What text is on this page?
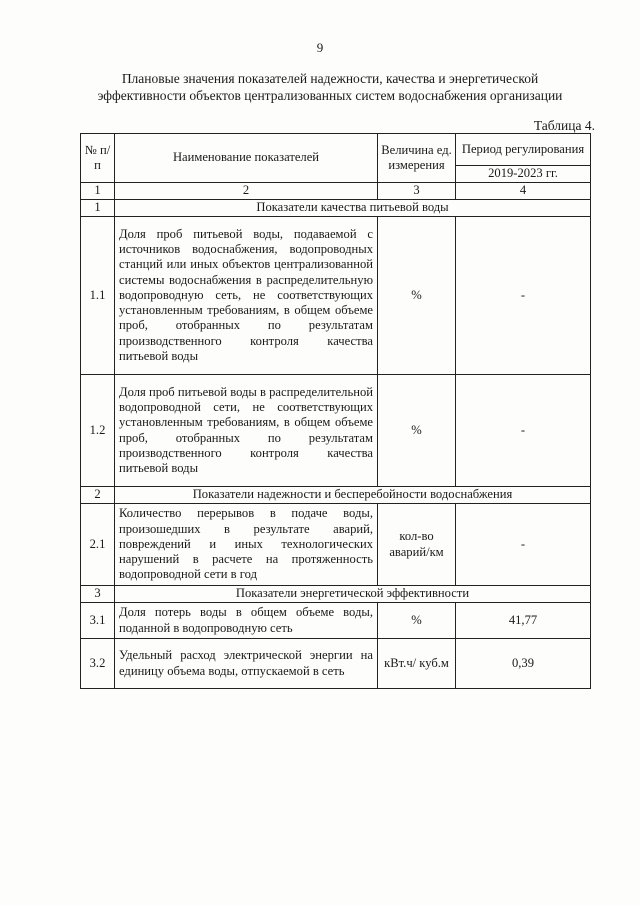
9
Плановые значения показателей надежности, качества и энергетической
эффективности объектов централизованных систем водоснабжения организации
Таблица 4.
№ п/п	Наименование показателей	Величина ед. измерения	Период регулирования
			2019-2023 гг.
1	2	3	4
1	Показатели качества питьевой воды		
1.1	Доля проб питьевой воды, подаваемой с источников водоснабжения, водопроводных станций или иных объектов централизованной системы водоснабжения в распределительную водопроводную сеть, не соответствующих установленным требованиям, в общем объеме проб, отобранных по результатам производственного контроля качества питьевой воды	%	-
1.2	Доля проб питьевой воды в распределительной водопроводной сети, не соответствующих установленным требованиям, в общем объеме проб, отобранных по результатам производственного контроля качества питьевой воды	%	-
2	Показатели надежности и бесперебойности водоснабжения		
2.1	Количество перерывов в подаче воды, произошедших в результате аварий, повреждений и иных технологических нарушений в расчете на протяженность водопроводной сети в год	кол-во аварий/км	-
3	Показатели энергетической эффективности		
3.1	Доля потерь воды в общем объеме воды, поданной в водопроводную сеть	%	41,77
3.2	Удельный расход электрической энергии на единицу объема воды, отпускаемой в сеть	кВт.ч/ куб.м	0,39
